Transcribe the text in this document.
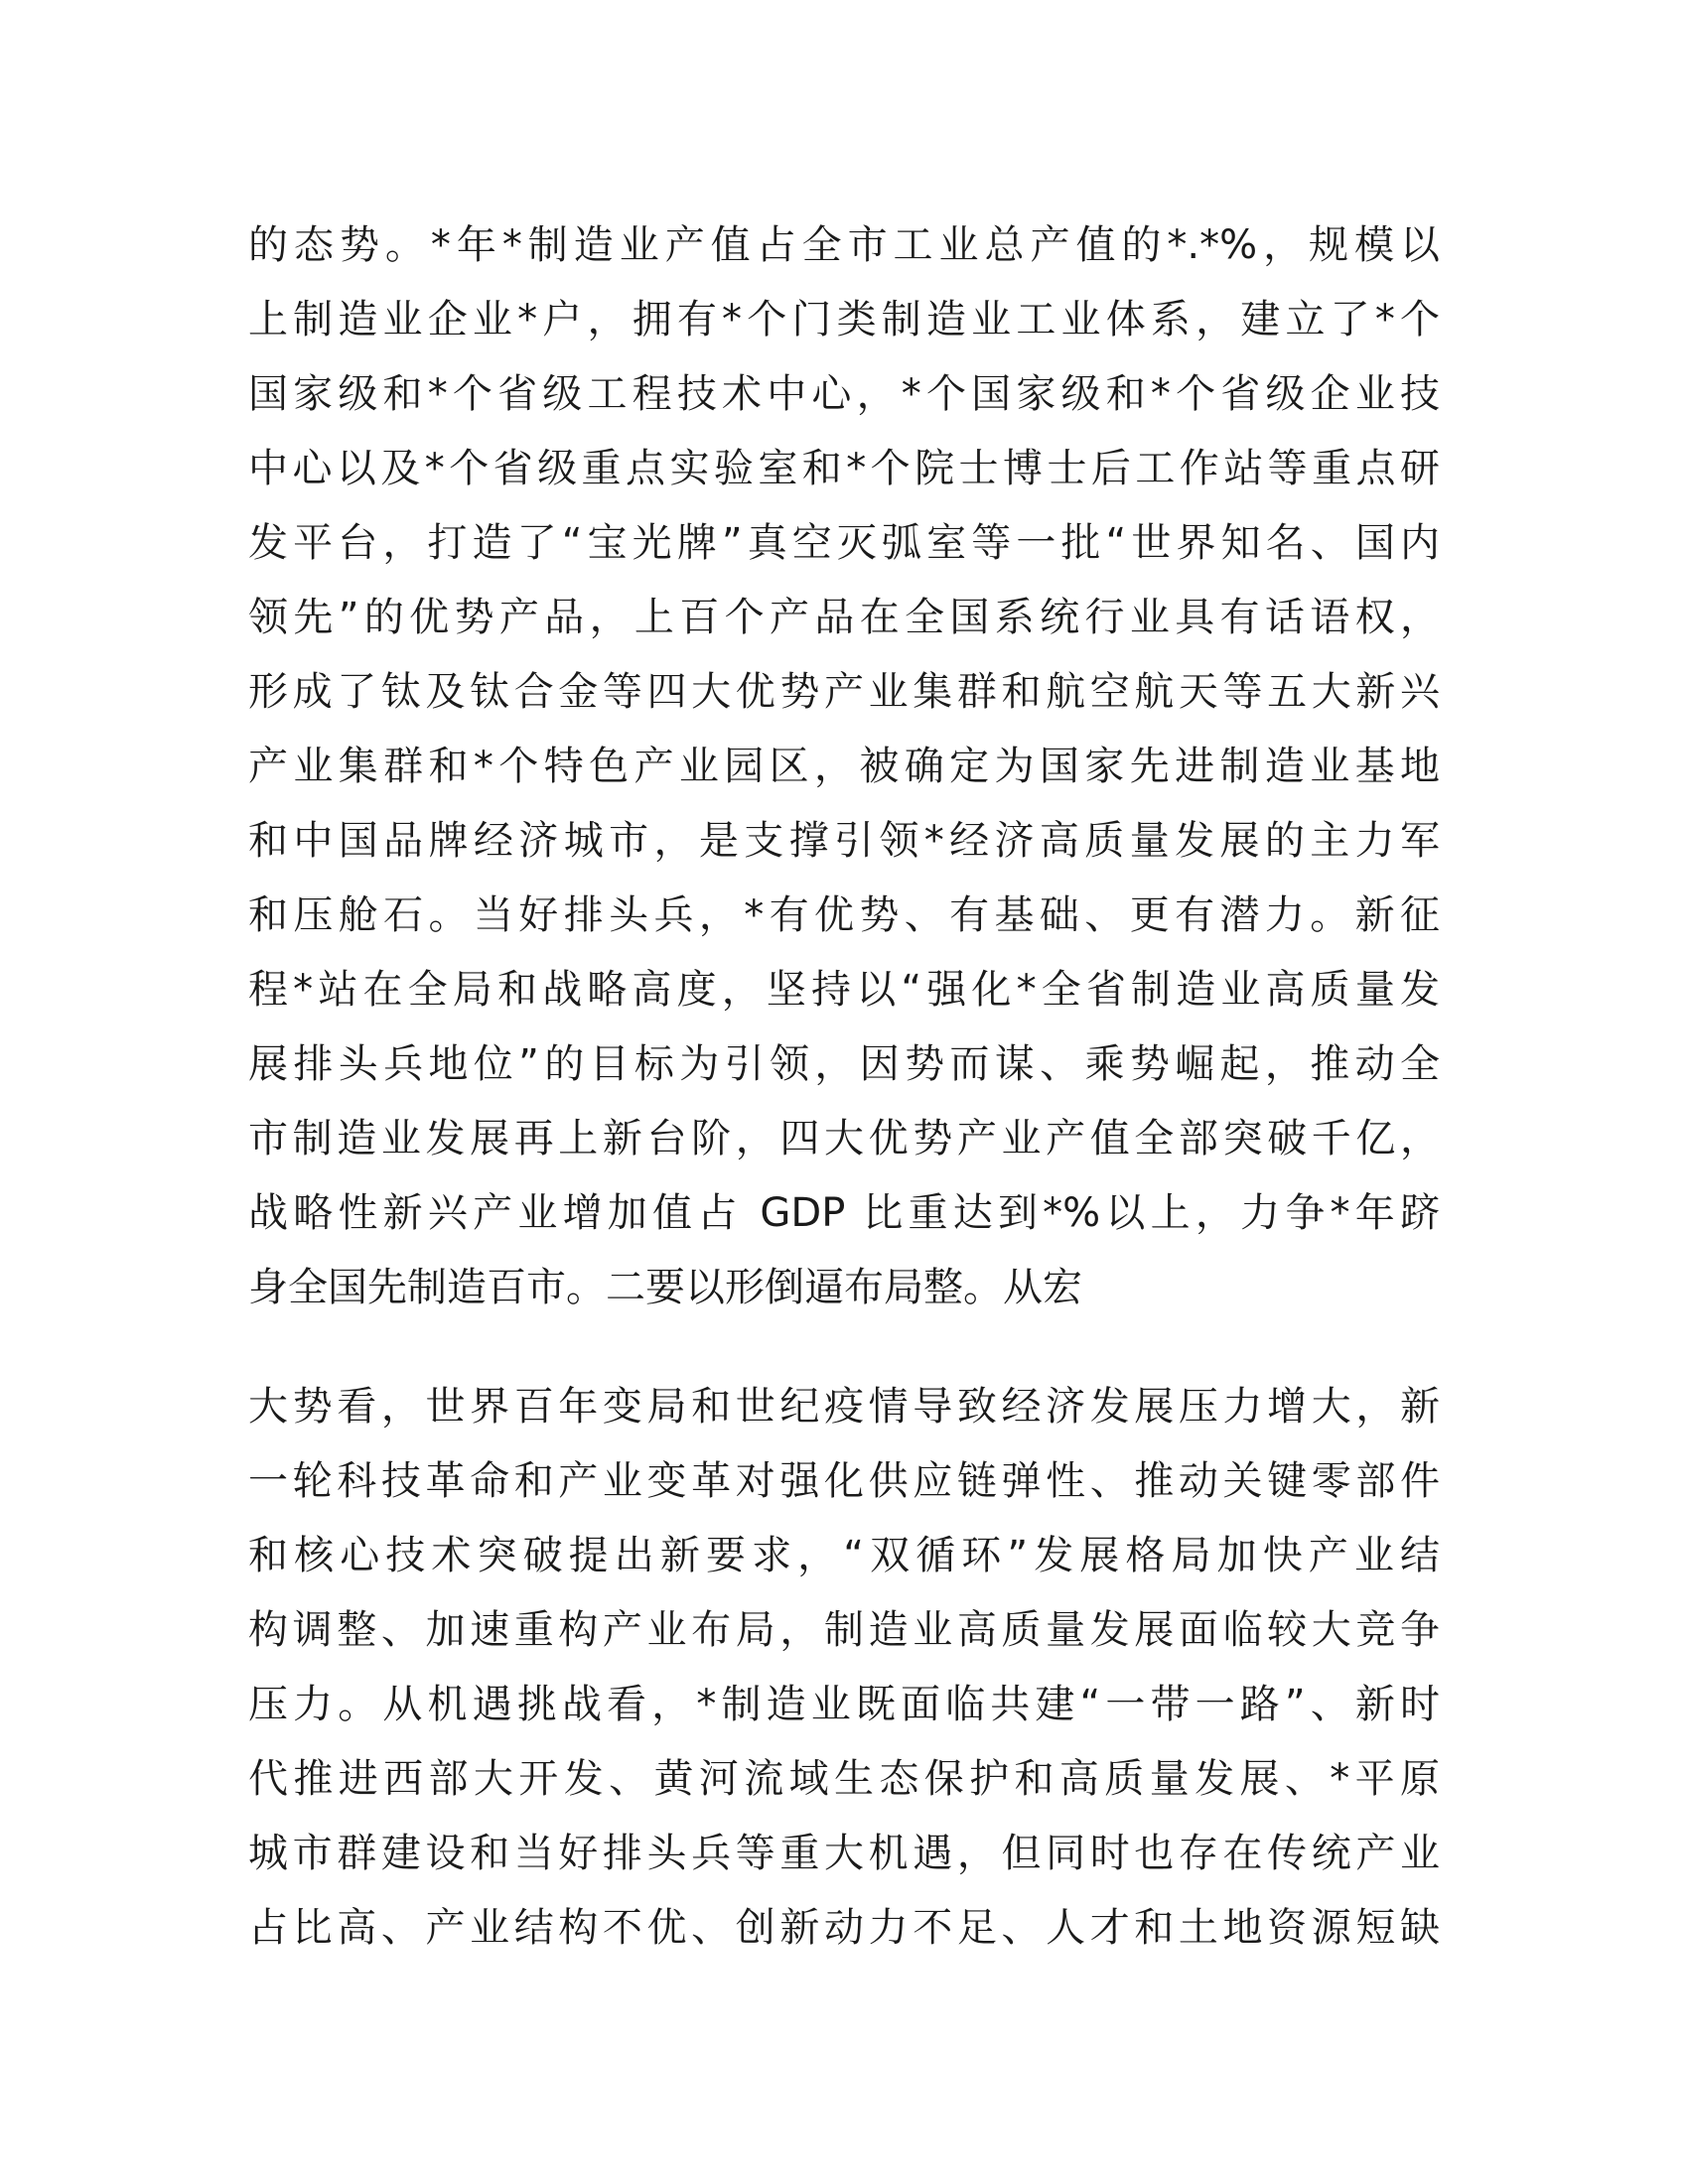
的态势。*年*制造业产值占全市工业总产值的*.*%，规模以
上制造业企业*户，拥有*个门类制造业工业体系，建立了*个
国家级和*个省级工程技术中心，*个国家级和*个省级企业技
中心以及*个省级重点实验室和*个院士博士后工作站等重点研
发平台，打造了“宝光牌”真空灭弧室等一批“世界知名、国内
领先”的优势产品，上百个产品在全国系统行业具有话语权，
形成了钛及钛合金等四大优势产业集群和航空航天等五大新兴
产业集群和*个特色产业园区，被确定为国家先进制造业基地
和中国品牌经济城市，是支撑引领*经济高质量发展的主力军
和压舱石。当好排头兵，*有优势、有基础、更有潜力。新征
程*站在全局和战略高度，坚持以“强化*全省制造业高质量发
展排头兵地位”的目标为引领，因势而谋、乘势崛起，推动全
市制造业发展再上新台阶，四大优势产业产值全部突破千亿，
战略性新兴产业增加值占 GDP 比重达到*%以上，力争*年跻
身全国先制造百市。二要以形倒逼布局整。从宏
大势看，世界百年变局和世纪疫情导致经济发展压力增大，新
一轮科技革命和产业变革对强化供应链弹性、推动关键零部件
和核心技术突破提出新要求，“双循环”发展格局加快产业结
构调整、加速重构产业布局，制造业高质量发展面临较大竞争
压力。从机遇挑战看，*制造业既面临共建“一带一路”、新时
代推进西部大开发、黄河流域生态保护和高质量发展、*平原
城市群建设和当好排头兵等重大机遇，但同时也存在传统产业
占比高、产业结构不优、创新动力不足、人才和土地资源短缺
